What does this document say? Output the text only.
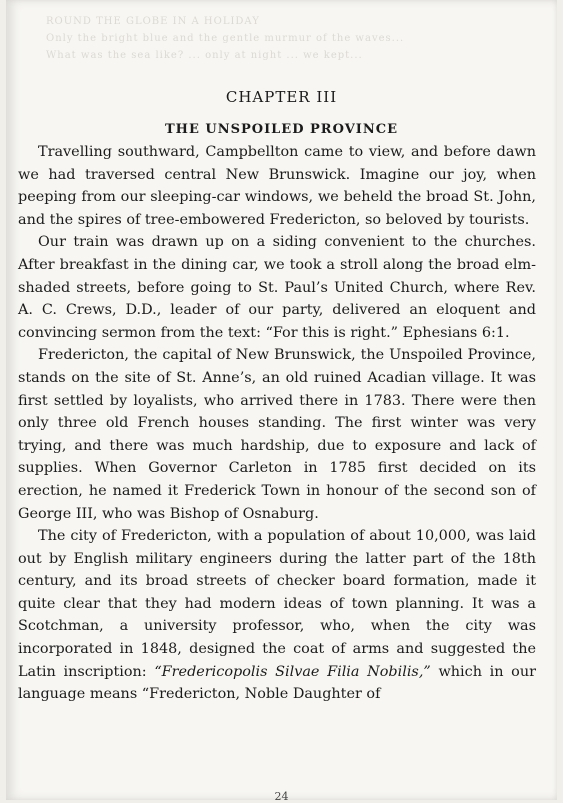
ROUND THE GLOBE IN A HOLIDAY
Only the bright blue and the gentle murmur of the waves...
What was the sea like? ... only at night ... we kept...
CHAPTER III
THE UNSPOILED PROVINCE

Travelling southward, Campbellton came to view, and before dawn we had traversed central New Brunswick. Imagine our joy, when peeping from our sleeping-car windows, we beheld the broad St. John, and the spires of tree-embowered Fredericton, so beloved by tourists.

Our train was drawn up on a siding convenient to the churches. After breakfast in the dining car, we took a stroll along the broad elm-shaded streets, before going to St. Paul’s United Church, where Rev. A. C. Crews, D.D., leader of our party, delivered an eloquent and convincing sermon from the text: “For this is right.” Ephesians 6:1.

Fredericton, the capital of New Brunswick, the Unspoiled Province, stands on the site of St. Anne’s, an old ruined Acadian village. It was first settled by loyalists, who arrived there in 1783. There were then only three old French houses standing. The first winter was very trying, and there was much hardship, due to exposure and lack of supplies. When Governor Carleton in 1785 first decided on its erection, he named it Frederick Town in honour of the second son of George III, who was Bishop of Osnaburg.

The city of Fredericton, with a population of about 10,000, was laid out by English military engineers during the latter part of the 18th century, and its broad streets of checker board formation, made it quite clear that they had modern ideas of town planning. It was a Scotchman, a university professor, who, when the city was incorporated in 1848, designed the coat of arms and suggested the Latin inscription: “Fredericopolis Silvae Filia Nobilis,” which in our language means “Fredericton, Noble Daughter of

24
